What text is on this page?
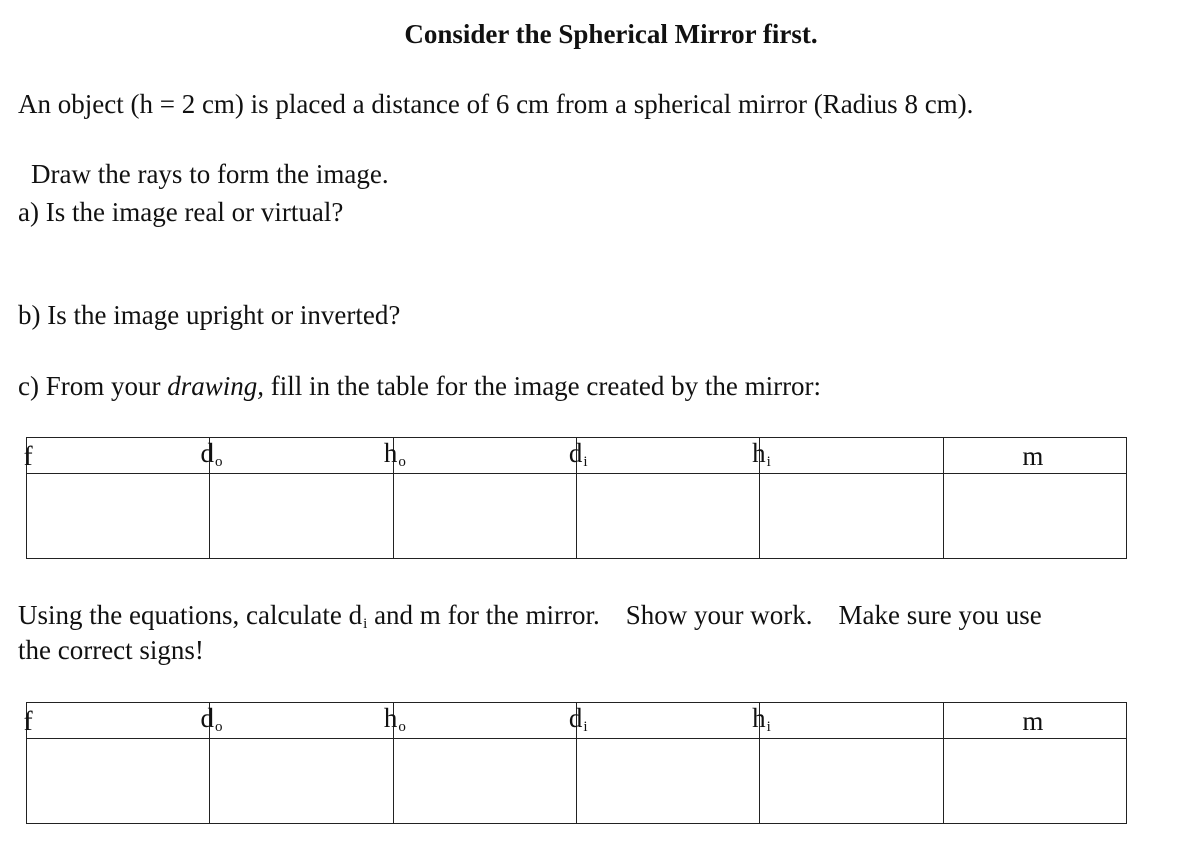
Consider the Spherical Mirror first.
An object (h = 2 cm) is placed a distance of 6 cm from a spherical mirror (Radius 8 cm).
Draw the rays to form the image.
a) Is the image real or virtual?
b) Is the image upright or inverted?
c) From your drawing, fill in the table for the image created by the mirror:
f	do	ho	di	hi	m

Using the equations, calculate di and m for the mirror. Show your work. Make sure you use
the correct signs!
f	do	ho	di	hi	m
